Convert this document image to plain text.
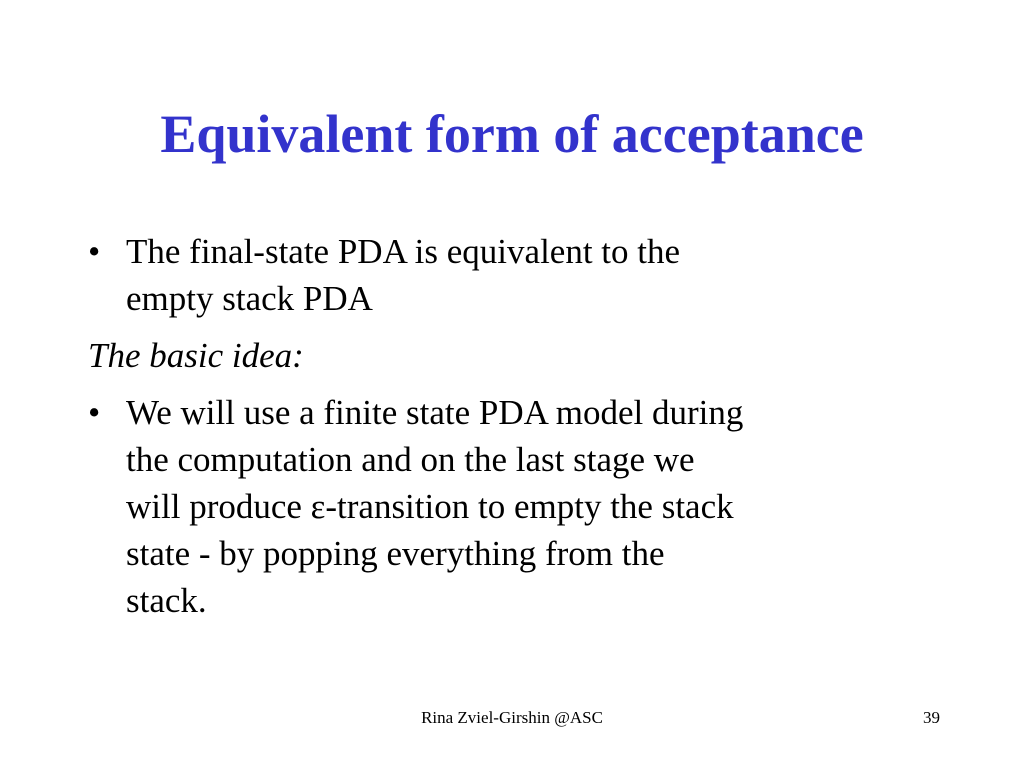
Equivalent form of acceptance
• The final-state PDA is equivalent to the
empty stack PDA
The basic idea:
• We will use a finite state PDA model during
the computation and on the last stage we
will produce ε-transition to empty the stack
state - by popping everything from the
stack.
Rina Zviel-Girshin @ASC	39
